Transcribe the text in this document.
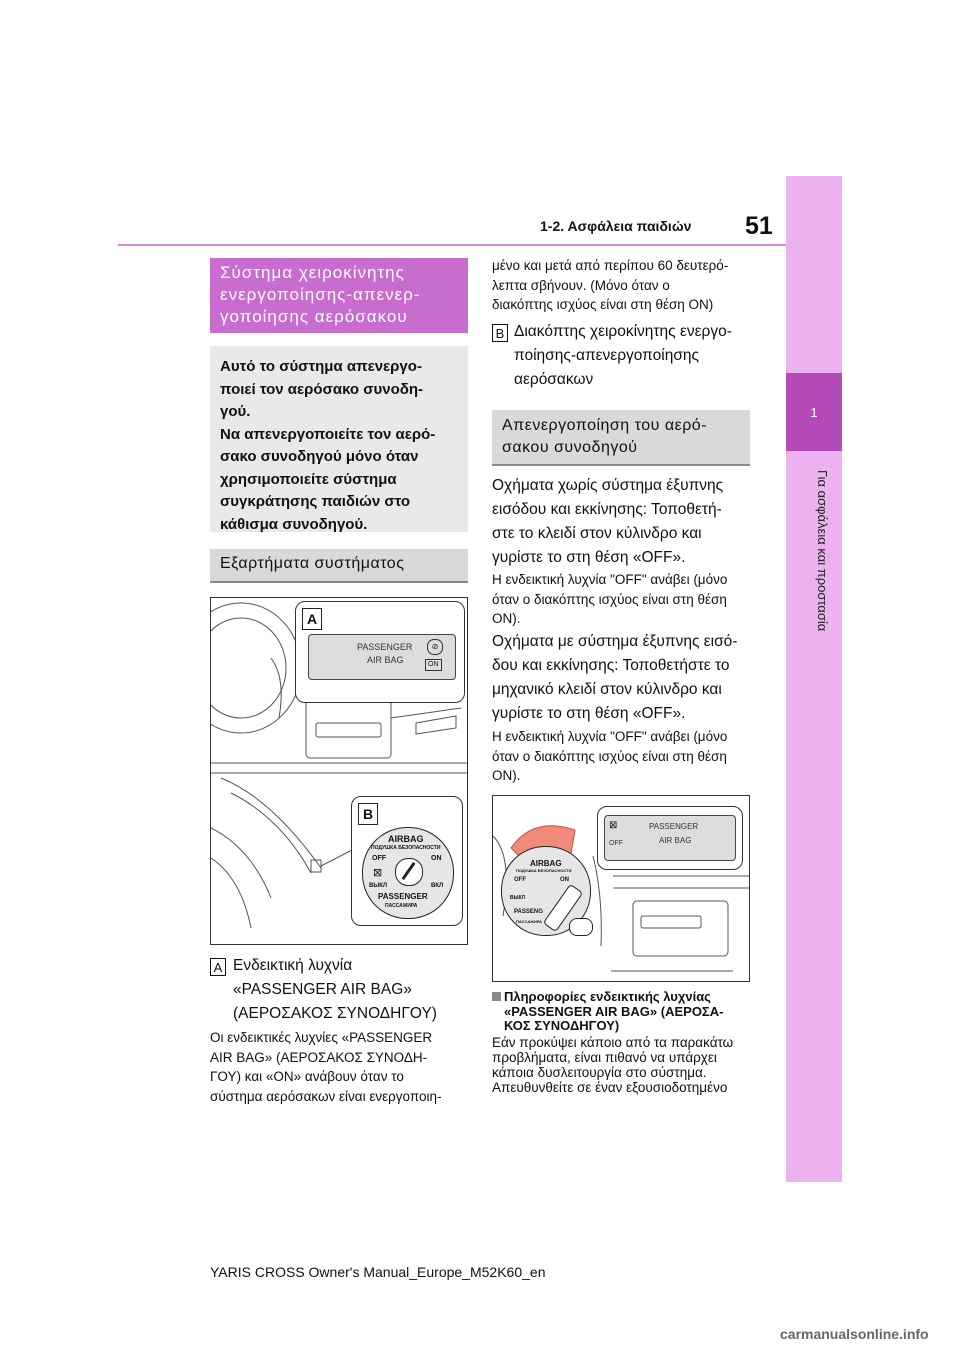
1-2. Ασφάλεια παιδιών 51
1
Για ασφάλεια και προστασία
Σύστημα χειροκίνητης ενεργοποίησης-απενερ-γοποίησης αερόσακου
Αυτό το σύστημα απενεργο-
ποιεί τον αερόσακο συνοδη-
γού.
Να απενεργοποιείτε τον αερό-
σακο συνοδηγού μόνο όταν
χρησιμοποιείτε σύστημα
συγκράτησης παιδιών στο
κάθισμα συνοδηγού.
Εξαρτήματα συστήματος
A
PASSENGER
AIR BAG
⊘
ON
B
AIRBAG
ПОДУШКА БЕЗОПАСНОСТИ
OFF	ON
⊠
ВЫКЛ	ВКЛ
PASSENGER
ПАССАЖИРА
A Ενδεικτική λυχνία
«PASSENGER AIR BAG»
(ΑΕΡΟΣΑΚΟΣ ΣΥΝΟΔΗΓΟΥ)
Οι ενδεικτικές λυχνίες «PASSENGER
AIR BAG» (ΑΕΡΟΣΑΚΟΣ ΣΥΝΟΔΗ-
ΓΟΥ) και «ON» ανάβουν όταν το
σύστημα αερόσακων είναι ενεργοποιη-
μένο και μετά από περίπου 60 δευτερό-
λεπτα σβήνουν. (Μόνο όταν ο
διακόπτης ισχύος είναι στη θέση ON)
B Διακόπτης χειροκίνητης ενεργο-
ποίησης-απενεργοποίησης
αερόσακων
Απενεργοποίηση του αερό-
σακου συνοδηγού
Οχήματα χωρίς σύστημα έξυπνης
εισόδου και εκκίνησης: Τοποθετή-
στε το κλειδί στον κύλινδρο και
γυρίστε το στη θέση «OFF».
Η ενδεικτική λυχνία "OFF" ανάβει (μόνο
όταν ο διακόπτης ισχύος είναι στη θέση
ON).
Οχήματα με σύστημα έξυπνης εισό-
δου και εκκίνησης: Τοποθετήστε το
μηχανικό κλειδί στον κύλινδρο και
γυρίστε το στη θέση «OFF».
Η ενδεικτική λυχνία "OFF" ανάβει (μόνο
όταν ο διακόπτης ισχύος είναι στη θέση
ON).
⊠
OFF
PASSENGER
AIR BAG
AIRBAG
ПОДУШКА БЕЗОПАСНОСТИ
OFF	ON
ВЫКЛ
PASSENG
ПАССАЖИРА
Πληροφορίες ενδεικτικής λυχνίας
«PASSENGER AIR BAG» (ΑΕΡΟΣΑ-
ΚΟΣ ΣΥΝΟΔΗΓΟΥ)
Εάν προκύψει κάποιο από τα παρακάτω
προβλήματα, είναι πιθανό να υπάρχει
κάποια δυσλειτουργία στο σύστημα.
Απευθυνθείτε σε έναν εξουσιοδοτημένο
YARIS CROSS Owner's Manual_Europe_M52K60_en
carmanualsonline.info
